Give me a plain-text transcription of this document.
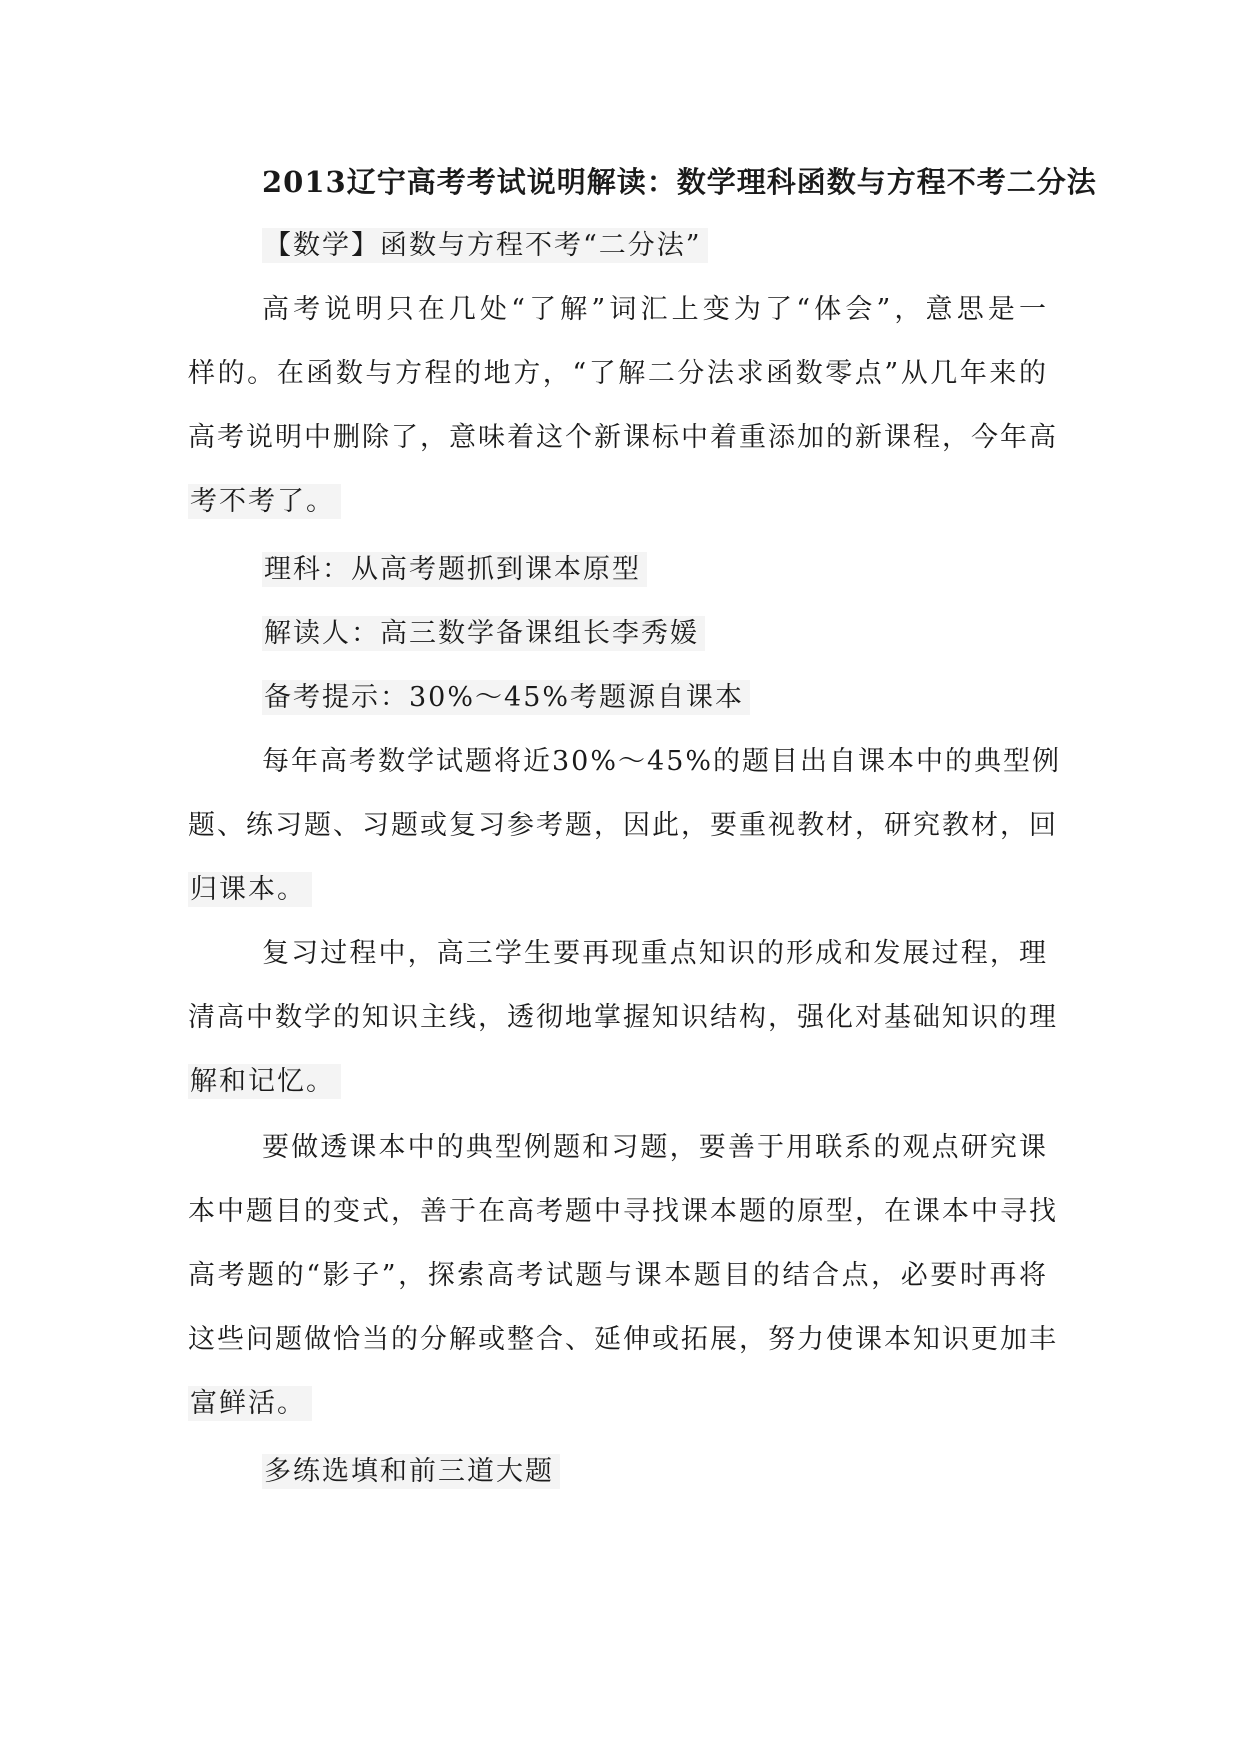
2013辽宁高考考试说明解读：数学理科函数与方程不考二分法
【数学】函数与方程不考“二分法”
高考说明只在几处“了解”词汇上变为了“体会”，意思是一
样的。在函数与方程的地方，“了解二分法求函数零点”从几年来的
高考说明中删除了，意味着这个新课标中着重添加的新课程，今年高
考不考了。
理科：从高考题抓到课本原型
解读人：高三数学备课组长李秀媛
备考提示：30%～45%考题源自课本
每年高考数学试题将近30%～45%的题目出自课本中的典型例
题、练习题、习题或复习参考题，因此，要重视教材，研究教材，回
归课本。
复习过程中，高三学生要再现重点知识的形成和发展过程，理
清高中数学的知识主线，透彻地掌握知识结构，强化对基础知识的理
解和记忆。
要做透课本中的典型例题和习题，要善于用联系的观点研究课
本中题目的变式，善于在高考题中寻找课本题的原型，在课本中寻找
高考题的“影子”，探索高考试题与课本题目的结合点，必要时再将
这些问题做恰当的分解或整合、延伸或拓展，努力使课本知识更加丰
富鲜活。
多练选填和前三道大题
